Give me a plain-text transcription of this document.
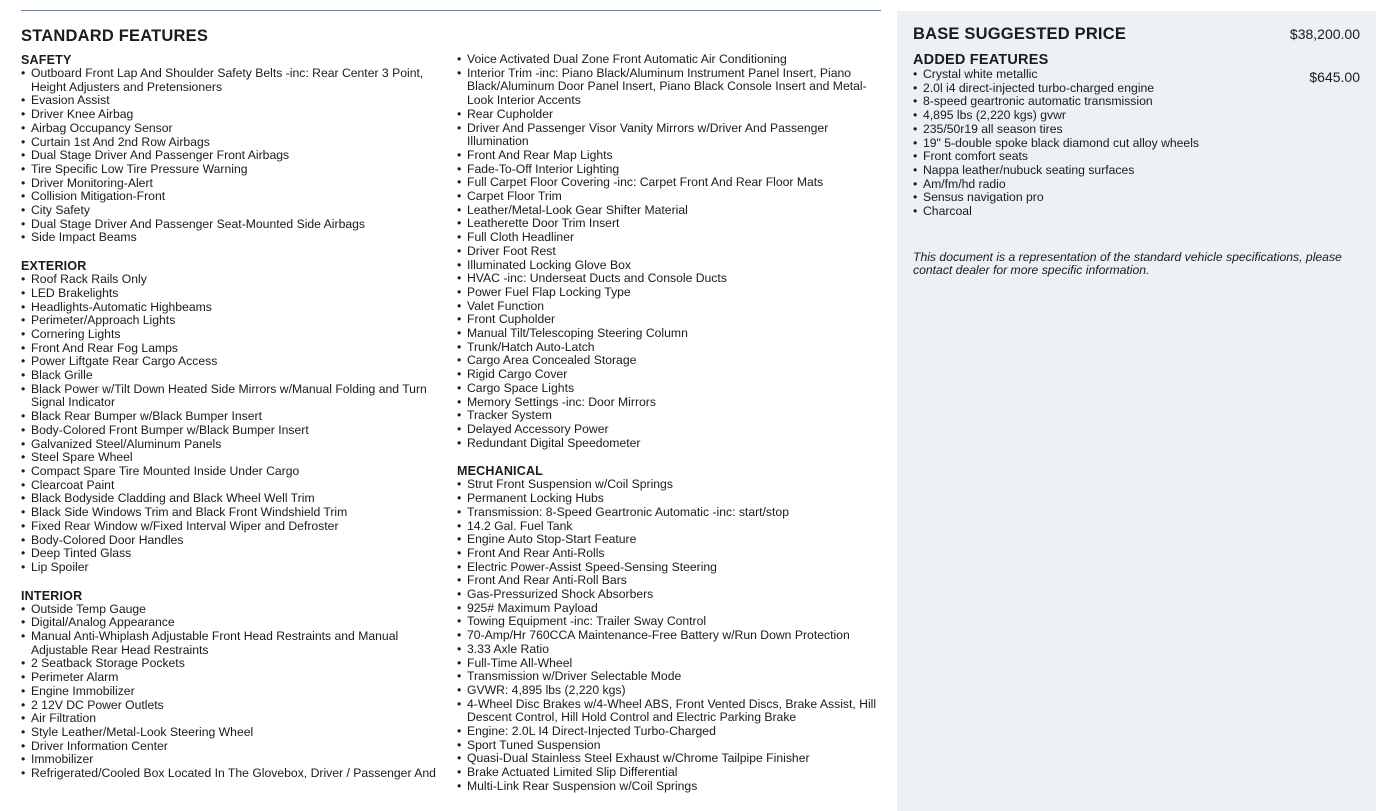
STANDARD FEATURES
SAFETY
• Outboard Front Lap And Shoulder Safety Belts -inc: Rear Center 3 Point, Height Adjusters and Pretensioners
• Evasion Assist
• Driver Knee Airbag
• Airbag Occupancy Sensor
• Curtain 1st And 2nd Row Airbags
• Dual Stage Driver And Passenger Front Airbags
• Tire Specific Low Tire Pressure Warning
• Driver Monitoring-Alert
• Collision Mitigation-Front
• City Safety
• Dual Stage Driver And Passenger Seat-Mounted Side Airbags
• Side Impact Beams
EXTERIOR
• Roof Rack Rails Only
• LED Brakelights
• Headlights-Automatic Highbeams
• Perimeter/Approach Lights
• Cornering Lights
• Front And Rear Fog Lamps
• Power Liftgate Rear Cargo Access
• Black Grille
• Black Power w/Tilt Down Heated Side Mirrors w/Manual Folding and Turn Signal Indicator
• Black Rear Bumper w/Black Bumper Insert
• Body-Colored Front Bumper w/Black Bumper Insert
• Galvanized Steel/Aluminum Panels
• Steel Spare Wheel
• Compact Spare Tire Mounted Inside Under Cargo
• Clearcoat Paint
• Black Bodyside Cladding and Black Wheel Well Trim
• Black Side Windows Trim and Black Front Windshield Trim
• Fixed Rear Window w/Fixed Interval Wiper and Defroster
• Body-Colored Door Handles
• Deep Tinted Glass
• Lip Spoiler
INTERIOR
• Outside Temp Gauge
• Digital/Analog Appearance
• Manual Anti-Whiplash Adjustable Front Head Restraints and Manual Adjustable Rear Head Restraints
• 2 Seatback Storage Pockets
• Perimeter Alarm
• Engine Immobilizer
• 2 12V DC Power Outlets
• Air Filtration
• Style Leather/Metal-Look Steering Wheel
• Driver Information Center
• Immobilizer
• Refrigerated/Cooled Box Located In The Glovebox, Driver / Passenger And
• Voice Activated Dual Zone Front Automatic Air Conditioning
• Interior Trim -inc: Piano Black/Aluminum Instrument Panel Insert, Piano Black/Aluminum Door Panel Insert, Piano Black Console Insert and Metal-Look Interior Accents
• Rear Cupholder
• Driver And Passenger Visor Vanity Mirrors w/Driver And Passenger Illumination
• Front And Rear Map Lights
• Fade-To-Off Interior Lighting
• Full Carpet Floor Covering -inc: Carpet Front And Rear Floor Mats
• Carpet Floor Trim
• Leather/Metal-Look Gear Shifter Material
• Leatherette Door Trim Insert
• Full Cloth Headliner
• Driver Foot Rest
• Illuminated Locking Glove Box
• HVAC -inc: Underseat Ducts and Console Ducts
• Power Fuel Flap Locking Type
• Valet Function
• Front Cupholder
• Manual Tilt/Telescoping Steering Column
• Trunk/Hatch Auto-Latch
• Cargo Area Concealed Storage
• Rigid Cargo Cover
• Cargo Space Lights
• Memory Settings -inc: Door Mirrors
• Tracker System
• Delayed Accessory Power
• Redundant Digital Speedometer
MECHANICAL
• Strut Front Suspension w/Coil Springs
• Permanent Locking Hubs
• Transmission: 8-Speed Geartronic Automatic -inc: start/stop
• 14.2 Gal. Fuel Tank
• Engine Auto Stop-Start Feature
• Front And Rear Anti-Rolls
• Electric Power-Assist Speed-Sensing Steering
• Front And Rear Anti-Roll Bars
• Gas-Pressurized Shock Absorbers
• 925# Maximum Payload
• Towing Equipment -inc: Trailer Sway Control
• 70-Amp/Hr 760CCA Maintenance-Free Battery w/Run Down Protection
• 3.33 Axle Ratio
• Full-Time All-Wheel
• Transmission w/Driver Selectable Mode
• GVWR: 4,895 lbs (2,220 kgs)
• 4-Wheel Disc Brakes w/4-Wheel ABS, Front Vented Discs, Brake Assist, Hill Descent Control, Hill Hold Control and Electric Parking Brake
• Engine: 2.0L I4 Direct-Injected Turbo-Charged
• Sport Tuned Suspension
• Quasi-Dual Stainless Steel Exhaust w/Chrome Tailpipe Finisher
• Brake Actuated Limited Slip Differential
• Multi-Link Rear Suspension w/Coil Springs
BASE SUGGESTED PRICE	$38,200.00
ADDED FEATURES
• Crystal white metallic	$645.00
• 2.0l i4 direct-injected turbo-charged engine
• 8-speed geartronic automatic transmission
• 4,895 lbs (2,220 kgs) gvwr
• 235/50r19 all season tires
• 19" 5-double spoke black diamond cut alloy wheels
• Front comfort seats
• Nappa leather/nubuck seating surfaces
• Am/fm/hd radio
• Sensus navigation pro
• Charcoal
This document is a representation of the standard vehicle specifications, please contact dealer for more specific information.
